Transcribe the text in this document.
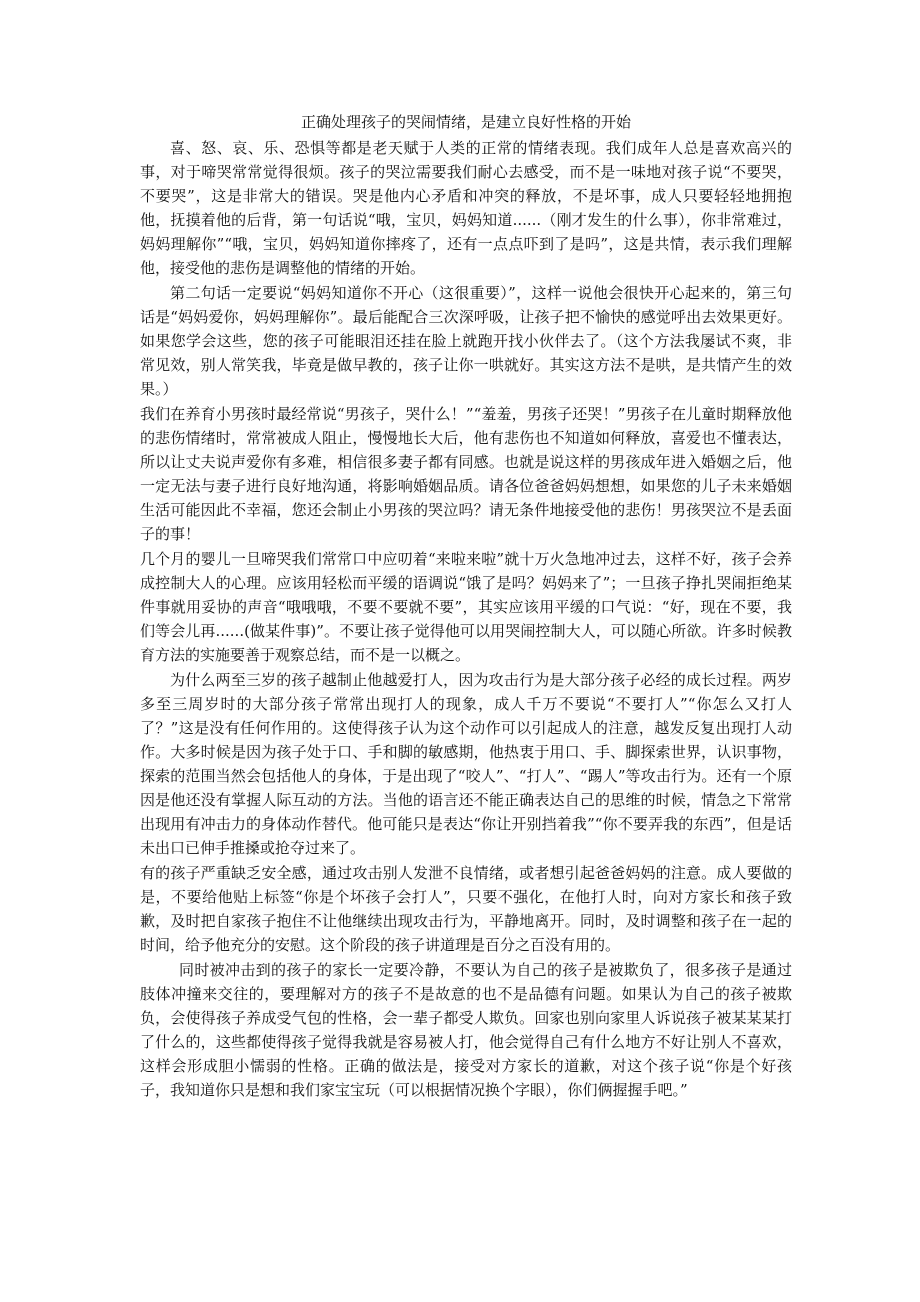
正确处理孩子的哭闹情绪，是建立良好性格的开始

喜、怒、哀、乐、恐惧等都是老天赋于人类的正常的情绪表现。我们成年人总是喜欢高兴的事，对于啼哭常常觉得很烦。孩子的哭泣需要我们耐心去感受，而不是一味地对孩子说“不要哭，不要哭”，这是非常大的错误。哭是他内心矛盾和冲突的释放，不是坏事，成人只要轻轻地拥抱他，抚摸着他的后背，第一句话说“哦，宝贝，妈妈知道......（刚才发生的什么事），你非常难过，妈妈理解你”“哦，宝贝，妈妈知道你摔疼了，还有一点点吓到了是吗”，这是共情，表示我们理解他，接受他的悲伤是调整他的情绪的开始。

第二句话一定要说“妈妈知道你不开心（这很重要）”，这样一说他会很快开心起来的，第三句话是“妈妈爱你，妈妈理解你”。最后能配合三次深呼吸，让孩子把不愉快的感觉呼出去效果更好。如果您学会这些，您的孩子可能眼泪还挂在脸上就跑开找小伙伴去了。（这个方法我屡试不爽，非常见效，别人常笑我，毕竟是做早教的，孩子让你一哄就好。其实这方法不是哄，是共情产生的效果。）

我们在养育小男孩时最经常说“男孩子，哭什么！”“羞羞，男孩子还哭！”男孩子在儿童时期释放他的悲伤情绪时，常常被成人阻止，慢慢地长大后，他有悲伤也不知道如何释放，喜爱也不懂表达，所以让丈夫说声爱你有多难，相信很多妻子都有同感。也就是说这样的男孩成年进入婚姻之后，他一定无法与妻子进行良好地沟通，将影响婚姻品质。请各位爸爸妈妈想想，如果您的儿子未来婚姻生活可能因此不幸福，您还会制止小男孩的哭泣吗？请无条件地接受他的悲伤！男孩哭泣不是丢面子的事！

几个月的婴儿一旦啼哭我们常常口中应叨着“来啦来啦”就十万火急地冲过去，这样不好，孩子会养成控制大人的心理。应该用轻松而平缓的语调说“饿了是吗？妈妈来了”；一旦孩子挣扎哭闹拒绝某件事就用妥协的声音“哦哦哦，不要不要就不要”，其实应该用平缓的口气说：“好，现在不要，我们等会儿再......(做某件事)”。不要让孩子觉得他可以用哭闹控制大人，可以随心所欲。许多时候教育方法的实施要善于观察总结，而不是一以概之。

为什么两至三岁的孩子越制止他越爱打人，因为攻击行为是大部分孩子必经的成长过程。两岁多至三周岁时的大部分孩子常常出现打人的现象，成人千万不要说“不要打人”“你怎么又打人了？”这是没有任何作用的。这使得孩子认为这个动作可以引起成人的注意，越发反复出现打人动作。大多时候是因为孩子处于口、手和脚的敏感期，他热衷于用口、手、脚探索世界，认识事物，探索的范围当然会包括他人的身体，于是出现了“咬人”、“打人”、“踢人”等攻击行为。还有一个原因是他还没有掌握人际互动的方法。当他的语言还不能正确表达自己的思维的时候，情急之下常常出现用有冲击力的身体动作替代。他可能只是表达“你让开别挡着我”“你不要弄我的东西”，但是话未出口已伸手推搡或抢夺过来了。

有的孩子严重缺乏安全感，通过攻击别人发泄不良情绪，或者想引起爸爸妈妈的注意。成人要做的是，不要给他贴上标签“你是个坏孩子会打人”，只要不强化，在他打人时，向对方家长和孩子致歉，及时把自家孩子抱住不让他继续出现攻击行为，平静地离开。同时，及时调整和孩子在一起的时间，给予他充分的安慰。这个阶段的孩子讲道理是百分之百没有用的。

同时被冲击到的孩子的家长一定要冷静，不要认为自己的孩子是被欺负了，很多孩子是通过肢体冲撞来交往的，要理解对方的孩子不是故意的也不是品德有问题。如果认为自己的孩子被欺负，会使得孩子养成受气包的性格，会一辈子都受人欺负。回家也别向家里人诉说孩子被某某某打了什么的，这些都使得孩子觉得我就是容易被人打，他会觉得自己有什么地方不好让别人不喜欢，这样会形成胆小懦弱的性格。正确的做法是，接受对方家长的道歉，对这个孩子说“你是个好孩子，我知道你只是想和我们家宝宝玩（可以根据情况换个字眼），你们俩握握手吧。”
